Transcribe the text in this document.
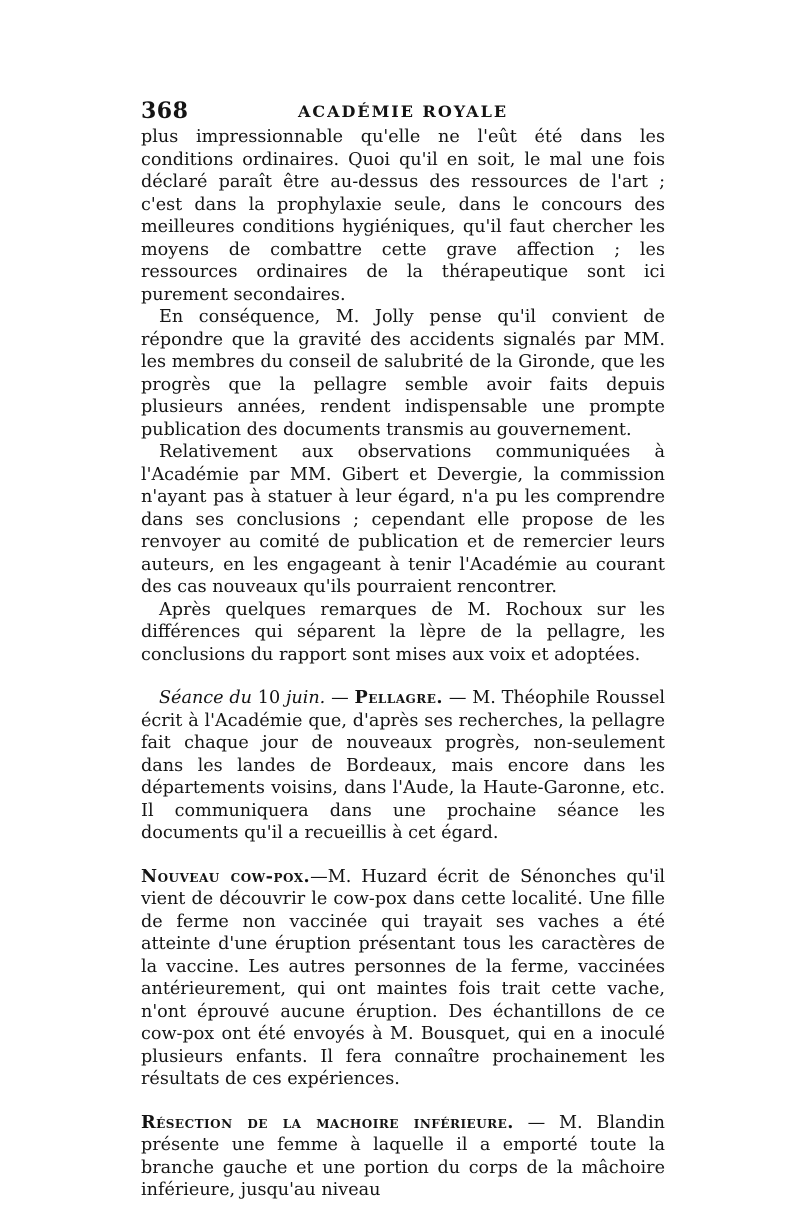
368	ACADÉMIE ROYALE

plus impressionnable qu'elle ne l'eût été dans les conditions ordinaires. Quoi qu'il en soit, le mal une fois déclaré paraît être au-dessus des ressources de l'art ; c'est dans la prophylaxie seule, dans le concours des meilleures conditions hygiéniques, qu'il faut chercher les moyens de combattre cette grave affection ; les ressources ordinaires de la thérapeutique sont ici purement secondaires.

En conséquence, M. Jolly pense qu'il convient de répondre que la gravité des accidents signalés par MM. les membres du conseil de salubrité de la Gironde, que les progrès que la pellagre semble avoir faits depuis plusieurs années, rendent indispensable une prompte publication des documents transmis au gouvernement.

Relativement aux observations communiquées à l'Académie par MM. Gibert et Devergie, la commission n'ayant pas à statuer à leur égard, n'a pu les comprendre dans ses conclusions ; cependant elle propose de les renvoyer au comité de publication et de remercier leurs auteurs, en les engageant à tenir l'Académie au courant des cas nouveaux qu'ils pourraient rencontrer.

Après quelques remarques de M. Rochoux sur les différences qui séparent la lèpre de la pellagre, les conclusions du rapport sont mises aux voix et adoptées.

Séance du 10 juin. — Pellagre. — M. Théophile Roussel écrit à l'Académie que, d'après ses recherches, la pellagre fait chaque jour de nouveaux progrès, non-seulement dans les landes de Bordeaux, mais encore dans les départements voisins, dans l'Aude, la Haute-Garonne, etc. Il communiquera dans une prochaine séance les documents qu'il a recueillis à cet égard.

Nouveau cow-pox.—M. Huzard écrit de Sénonches qu'il vient de découvrir le cow-pox dans cette localité. Une fille de ferme non vaccinée qui trayait ses vaches a été atteinte d'une éruption présentant tous les caractères de la vaccine. Les autres personnes de la ferme, vaccinées antérieurement, qui ont maintes fois trait cette vache, n'ont éprouvé aucune éruption. Des échantillons de ce cow-pox ont été envoyés à M. Bousquet, qui en a inoculé plusieurs enfants. Il fera connaître prochainement les résultats de ces expériences.

Résection de la machoire inférieure. — M. Blandin présente une femme à laquelle il a emporté toute la branche gauche et une portion du corps de la mâchoire inférieure, jusqu'au niveau
